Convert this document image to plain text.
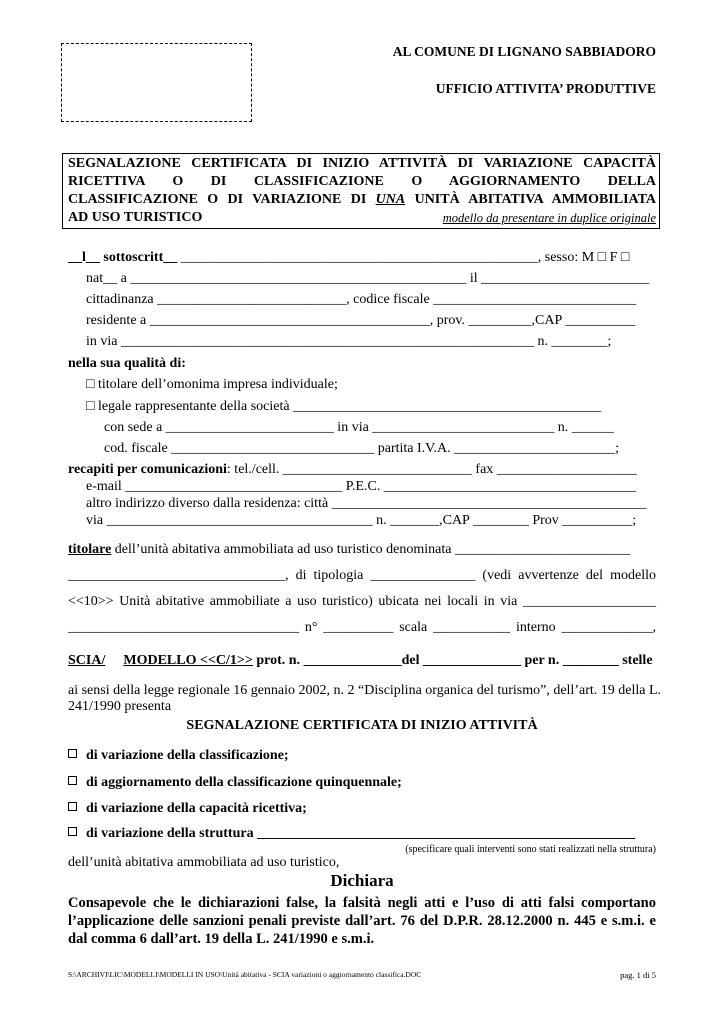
AL COMUNE DI LIGNANO SABBIADORO
UFFICIO ATTIVITA’ PRODUTTIVE
SEGNALAZIONE CERTIFICATA DI INIZIO ATTIVITÀ DI VARIAZIONE CAPACITÀ
RICETTIVA O DI CLASSIFICAZIONE O AGGIORNAMENTO DELLA
CLASSIFICAZIONE O DI VARIAZIONE DI UNA UNITÀ ABITATIVA AMMOBILIATA
AD USO TURISTICO	modello da presentare in duplice originale
__l__ sottoscritt__ ___________________________________________________, sesso: M □ F □
nat__ a ________________________________________________ il ________________________
cittadinanza ___________________________, codice fiscale _____________________________
residente a ________________________________________, prov. _________,CAP __________
in via ___________________________________________________________ n. ________;
nella sua qualità di:
□ titolare dell’omonima impresa individuale;
□ legale rappresentante della società ____________________________________________
con sede a ________________________ in via __________________________ n. ______
cod. fiscale _____________________________ partita I.V.A. _______________________;
recapiti per comunicazioni: tel./cell. ___________________________ fax ____________________
e-mail _______________________________ P.E.C. ____________________________________
altro indirizzo diverso dalla residenza: città _____________________________________________
via ______________________________________ n. _______,CAP ________ Prov __________;
titolare dell’unità abitativa ammobiliata ad uso turistico denominata _________________________
_______________________________, di tipologia _______________ (vedi avvertenze del modello
<<10>> Unità abitative ammobiliate a uso turistico) ubicata nei locali in via ___________________
_________________________________ n° __________ scala ___________ interno _____________,
SCIA/ MODELLO <<C/1>> prot. n. ______________del ______________ per n. ________ stelle
ai sensi della legge regionale 16 gennaio 2002, n. 2 “Disciplina organica del turismo”, dell’art. 19 della L.
241/1990 presenta
SEGNALAZIONE CERTIFICATA DI INIZIO ATTIVITÀ
di variazione della classificazione;
di aggiornamento della classificazione quinquennale;
di variazione della capacità ricettiva;
di variazione della struttura ______________________________________________________
(specificare quali interventi sono stati realizzati nella struttura)
dell’unità abitativa ammobiliata ad uso turistico,
Dichiara
Consapevole che le dichiarazioni false, la falsità negli atti e l’uso di atti falsi comportano
l’applicazione delle sanzioni penali previste dall’art. 76 del D.P.R. 28.12.2000 n. 445 e s.m.i. e
dal comma 6 dall’art. 19 della L. 241/1990 e s.m.i.
S:\ARCHIVI\LIC\MODELLI\MODELLI IN USO\Unità abitativa - SCIA variazioni o aggiornamento classifica.DOC	pag. 1 di 5
